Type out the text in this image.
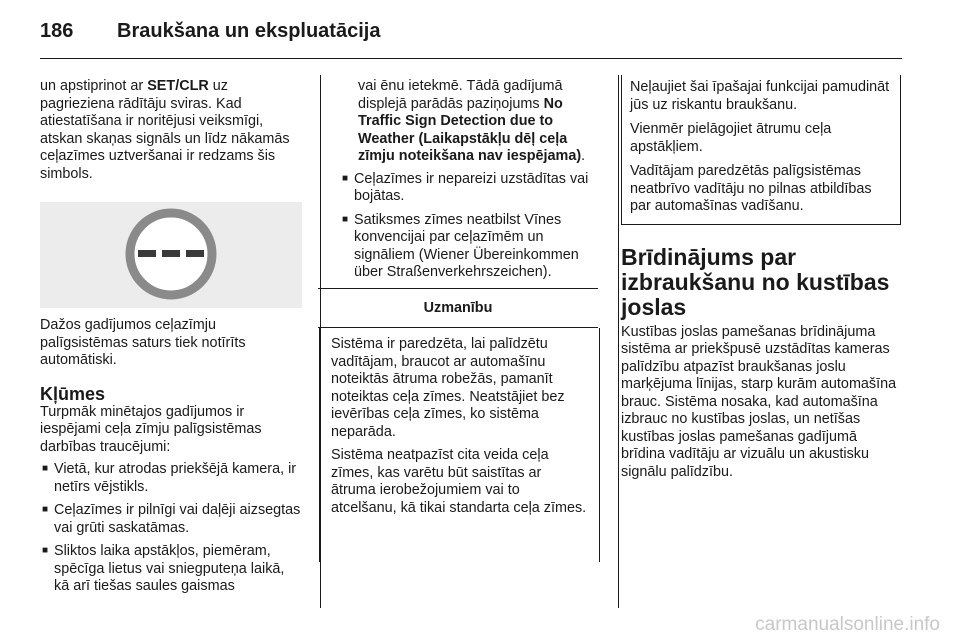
186 Braukšana un ekspluatācija

un apstiprinot ar SET/CLR uz pagrieziena rādītāju sviras. Kad atiestatīšana ir noritējusi veiksmīgi, atskan skaņas signāls un līdz nākamās ceļazīmes uztveršanai ir redzams šis simbols.

Dažos gadījumos ceļazīmju palīgsistēmas saturs tiek notīrīts automātiski.

Kļūmes

Turpmāk minētajos gadījumos ir iespējami ceļa zīmju palīgsistēmas darbības traucējumi:

■ Vietā, kur atrodas priekšējā kamera, ir netīrs vējstikls.
■ Ceļazīmes ir pilnīgi vai daļēji aizsegtas vai grūti saskatāmas.
■ Sliktos laika apstākļos, piemēram, spēcīga lietus vai sniegputeņa laikā, kā arī tiešas saules gaismas

vai ēnu ietekmē. Tādā gadījumā displejā parādās paziņojums No Traffic Sign Detection due to Weather (Laikapstākļu dēļ ceļa zīmju noteikšana nav iespējama).

■ Ceļazīmes ir nepareizi uzstādītas vai bojātas.
■ Satiksmes zīmes neatbilst Vīnes konvencijai par ceļazīmēm un signāliem (Wiener Übereinkommen über Straßenverkehrszeichen).
Uzmanību

Sistēma ir paredzēta, lai palīdzētu vadītājam, braucot ar automašīnu noteiktās ātruma robežās, pamanīt noteiktas ceļa zīmes. Neatstājiet bez ievērības ceļa zīmes, ko sistēma neparāda.

Sistēma neatpazīst cita veida ceļa zīmes, kas varētu būt saistītas ar ātruma ierobežojumiem vai to atcelšanu, kā tikai standarta ceļa zīmes.

Neļaujiet šai īpašajai funkcijai pamudināt jūs uz riskantu braukšanu.

Vienmēr pielāgojiet ātrumu ceļa apstākļiem.

Vadītājam paredzētās palīgsistēmas neatbrīvo vadītāju no pilnas atbildības par automašīnas vadīšanu.

Brīdinājums par izbraukšanu no kustības joslas

Kustības joslas pamešanas brīdinājuma sistēma ar priekšpusē uzstādītas kameras palīdzību atpazīst braukšanas joslu marķējuma līnijas, starp kurām automašīna brauc. Sistēma nosaka, kad automašīna izbrauc no kustības joslas, un netīšas kustības joslas pamešanas gadījumā brīdina vadītāju ar vizuālu un akustisku signālu palīdzību.

carmanualsonline.info
